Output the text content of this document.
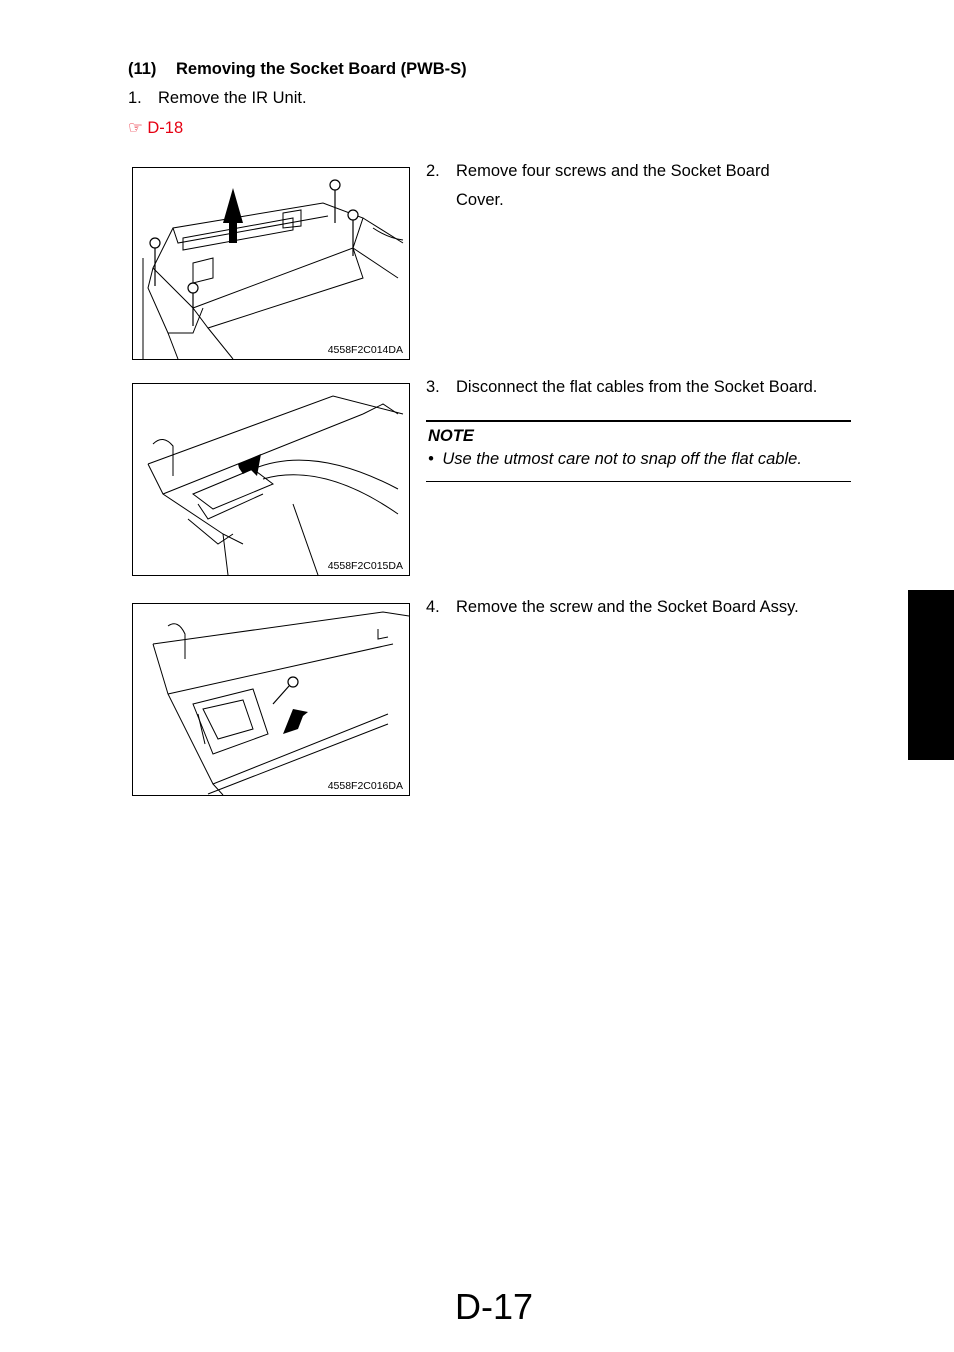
(11) Removing the Socket Board (PWB-S)
1. Remove the IR Unit.
☞ D-18
4558F2C014DA
2. Remove four screws and the Socket Board
Cover.
4558F2C015DA
3. Disconnect the flat cables from the Socket Board.
NOTE
• Use the utmost care not to snap off the flat cable.
4558F2C016DA
4. Remove the screw and the Socket Board Assy.
D-17
